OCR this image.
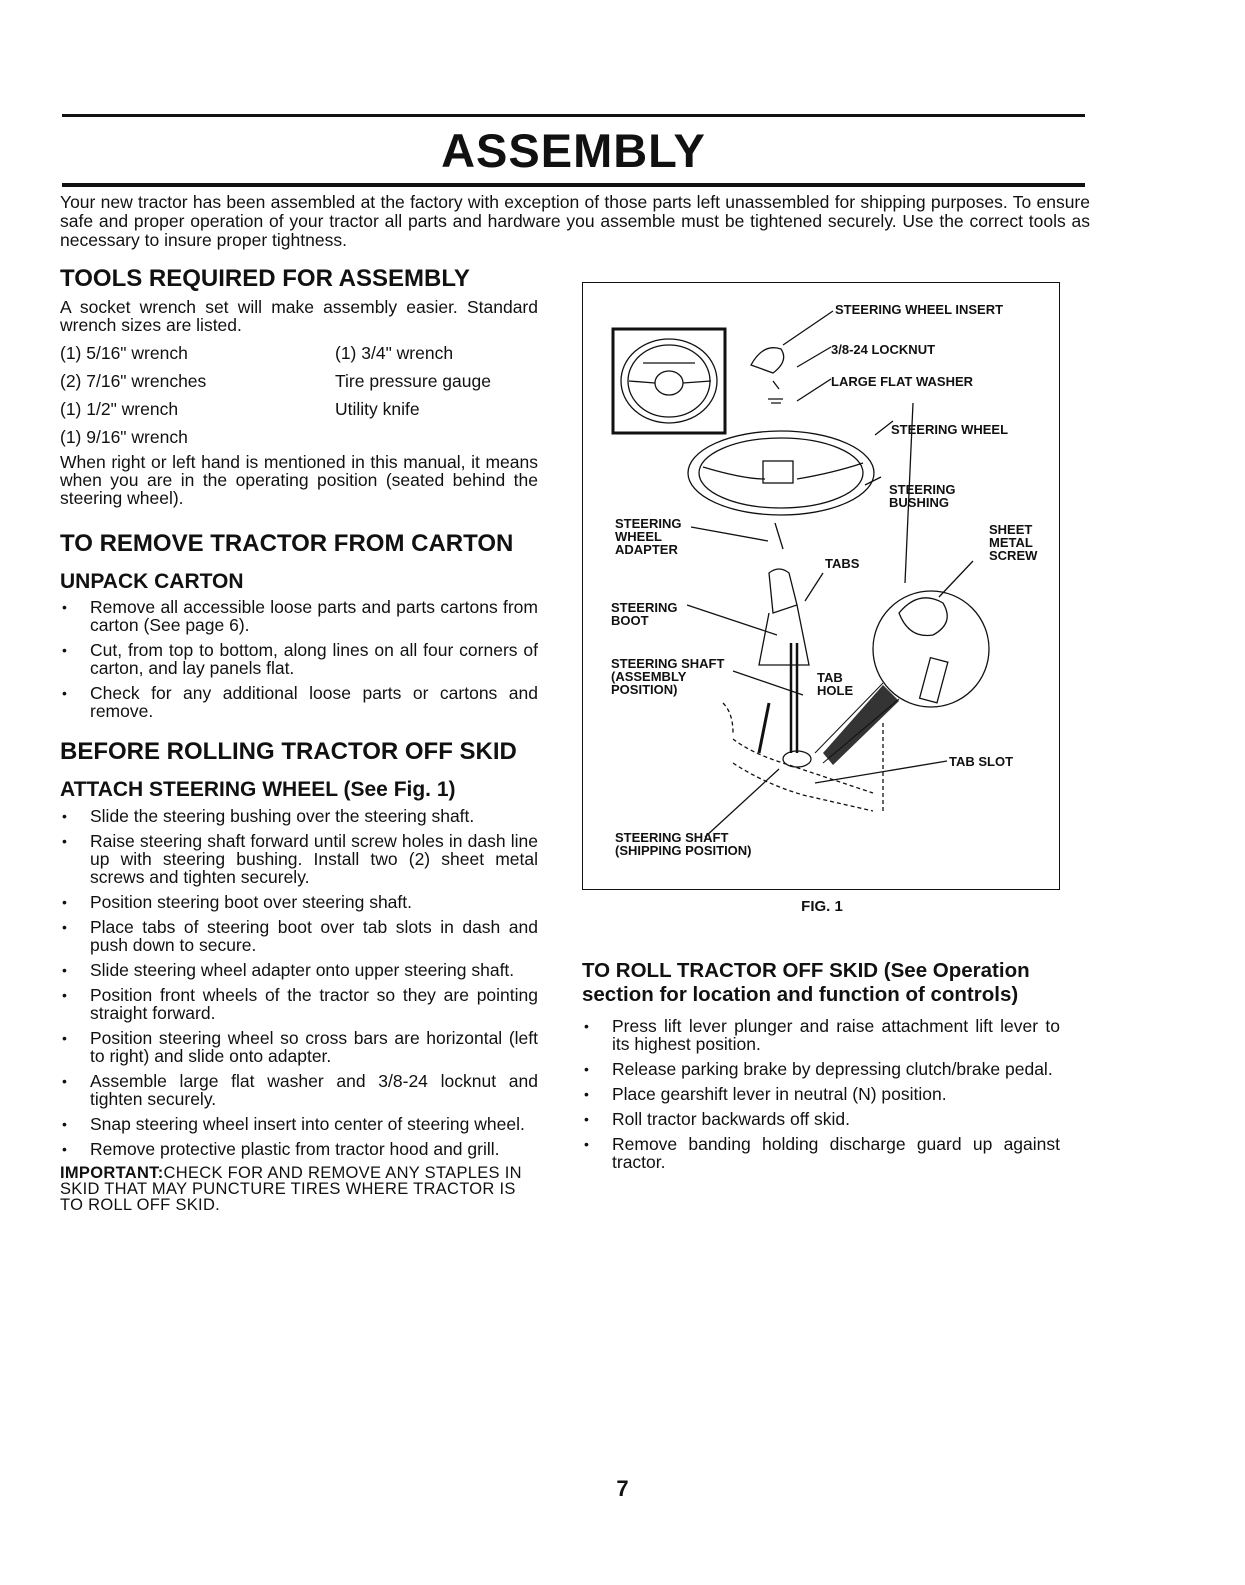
ASSEMBLY

Your new tractor has been assembled at the factory with exception of those parts left unassembled for shipping purposes. To ensure safe and proper operation of your tractor all parts and hardware you assemble must be tightened securely. Use the correct tools as necessary to insure proper tightness.

TOOLS REQUIRED FOR ASSEMBLY

A socket wrench set will make assembly easier. Standard wrench sizes are listed.

(1) 5/16" wrench	(1) 3/4" wrench
(2) 7/16" wrenches	Tire pressure gauge
(1) 1/2" wrench	Utility knife
(1) 9/16" wrench

When right or left hand is mentioned in this manual, it means when you are in the operating position (seated behind the steering wheel).

TO REMOVE TRACTOR FROM CARTON
UNPACK CARTON
• Remove all accessible loose parts and parts cartons from carton (See page 6).
• Cut, from top to bottom, along lines on all four corners of carton, and lay panels flat.
• Check for any additional loose parts or cartons and remove.
BEFORE ROLLING TRACTOR OFF SKID
ATTACH STEERING WHEEL (See Fig. 1)
• Slide the steering bushing over the steering shaft.
• Raise steering shaft forward until screw holes in dash line up with steering bushing. Install two (2) sheet metal screws and tighten securely.
• Position steering boot over steering shaft.
• Place tabs of steering boot over tab slots in dash and push down to secure.
• Slide steering wheel adapter onto upper steering shaft.
• Position front wheels of the tractor so they are pointing straight forward.
• Position steering wheel so cross bars are horizontal (left to right) and slide onto adapter.
• Assemble large flat washer and 3/8-24 locknut and tighten securely.
• Snap steering wheel insert into center of steering wheel.
• Remove protective plastic from tractor hood and grill.
IMPORTANT:CHECK FOR AND REMOVE ANY STAPLES IN SKID THAT MAY PUNCTURE TIRES WHERE TRACTOR IS TO ROLL OFF SKID.
STEERING WHEEL INSERT
3/8-24 LOCKNUT
LARGE FLAT WASHER
STEERING WHEEL
STEERING
BUSHING
STEERING
WHEEL
ADAPTER
TABS
SHEET
METAL
SCREW
STEERING
BOOT
STEERING SHAFT
(ASSEMBLY
POSITION)
TAB
HOLE
TAB SLOT
STEERING SHAFT
(SHIPPING POSITION)
FIG. 1
TO ROLL TRACTOR OFF SKID (See Operation section for location and function of controls)
• Press lift lever plunger and raise attachment lift lever to its highest position.
• Release parking brake by depressing clutch/brake pedal.
• Place gearshift lever in neutral (N) position.
• Roll tractor backwards off skid.
• Remove banding holding discharge guard up against tractor.
7
